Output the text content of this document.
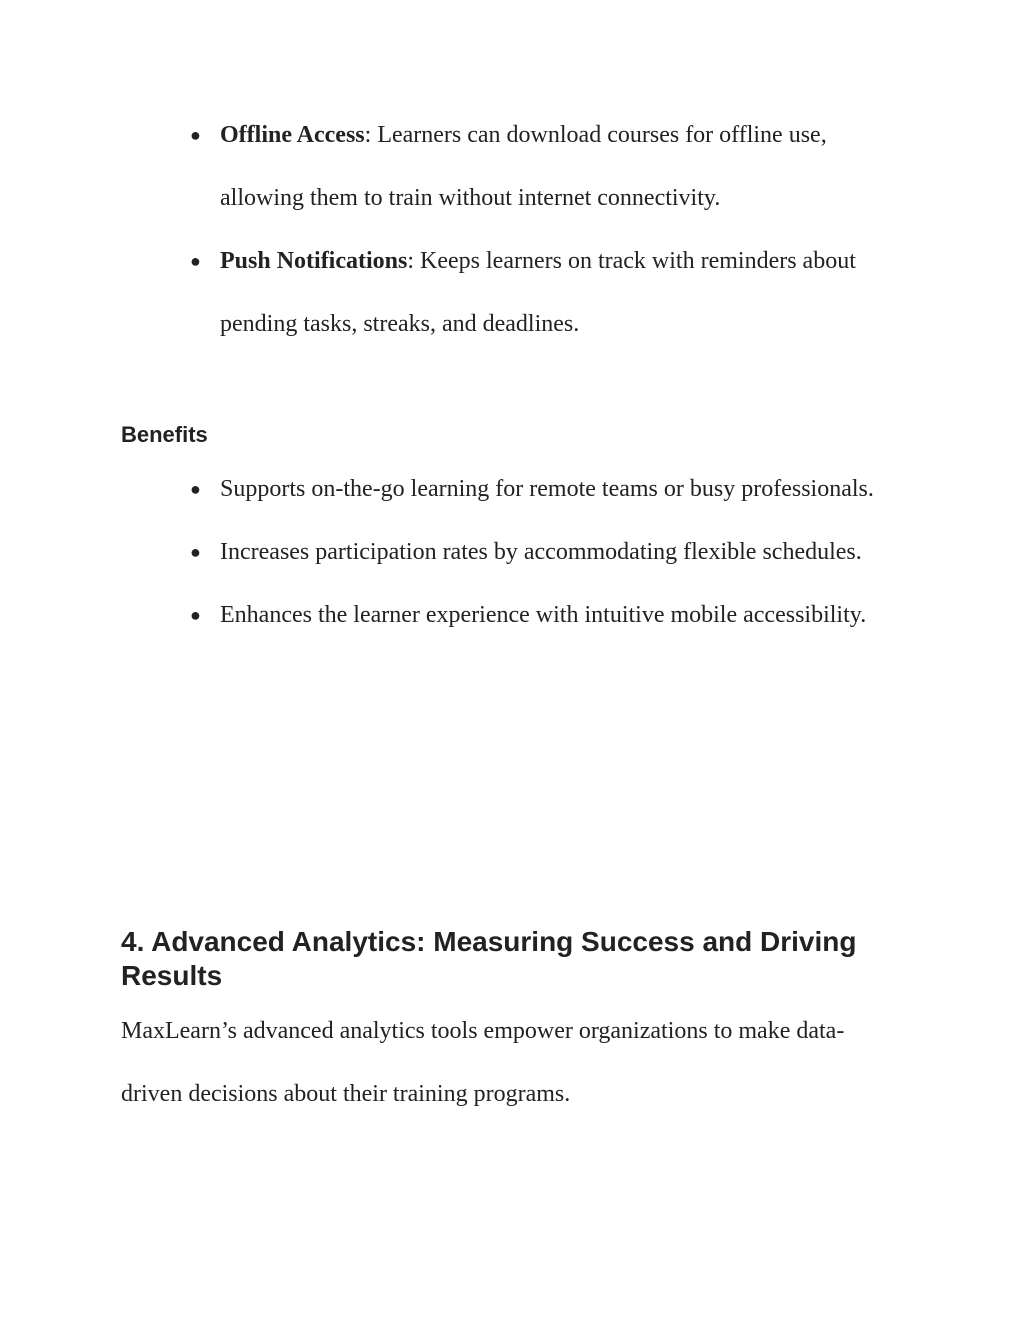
● Offline Access: Learners can download courses for offline use, allowing them to train without internet connectivity.
● Push Notifications: Keeps learners on track with reminders about pending tasks, streaks, and deadlines.
Benefits
● Supports on-the-go learning for remote teams or busy professionals.
● Increases participation rates by accommodating flexible schedules.
● Enhances the learner experience with intuitive mobile accessibility.
4. Advanced Analytics: Measuring Success and Driving Results

MaxLearn’s advanced analytics tools empower organizations to make data-driven decisions about their training programs.
